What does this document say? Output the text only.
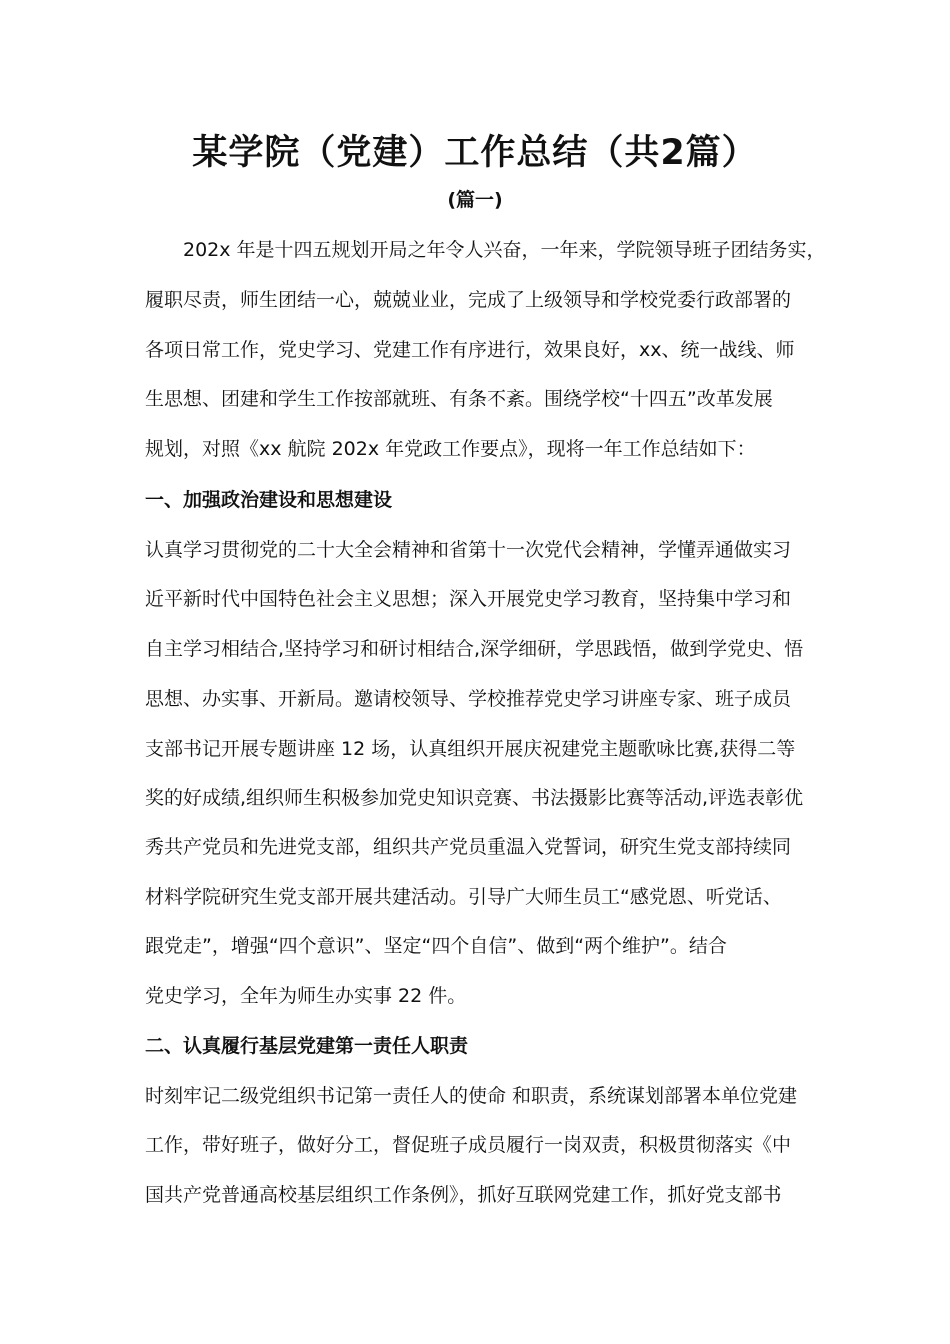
某学院（党建）工作总结（共2篇）
(篇一)
　　202x 年是十四五规划开局之年令人兴奋，一年来，学院领导班子团结务实，
履职尽责，师生团结一心，兢兢业业，完成了上级领导和学校党委行政部署的
各项日常工作，党史学习、党建工作有序进行，效果良好，xx、统一战线、师
生思想、团建和学生工作按部就班、有条不紊。围绕学校“十四五”改革发展
规划，对照《xx 航院 202x 年党政工作要点》，现将一年工作总结如下：
一、加强政治建设和思想建设
认真学习贯彻党的二十大全会精神和省第十一次党代会精神，学懂弄通做实习
近平新时代中国特色社会主义思想；深入开展党史学习教育，坚持集中学习和
自主学习相结合,坚持学习和研讨相结合,深学细研，学思践悟，做到学党史、悟
思想、办实事、开新局。邀请校领导、学校推荐党史学习讲座专家、班子成员
支部书记开展专题讲座 12 场，认真组织开展庆祝建党主题歌咏比赛,获得二等
奖的好成绩,组织师生积极参加党史知识竞赛、书法摄影比赛等活动,评选表彰优
秀共产党员和先进党支部，组织共产党员重温入党誓词，研究生党支部持续同
材料学院研究生党支部开展共建活动。引导广大师生员工“感党恩、听党话、
跟党走”，增强“四个意识”、坚定“四个自信”、做到“两个维护”。结合
党史学习，全年为师生办实事 22 件。
二、认真履行基层党建第一责任人职责
时刻牢记二级党组织书记第一责任人的使命 和职责，系统谋划部署本单位党建
工作，带好班子，做好分工，督促班子成员履行一岗双责，积极贯彻落实《中
国共产党普通高校基层组织工作条例》，抓好互联网党建工作，抓好党支部书
